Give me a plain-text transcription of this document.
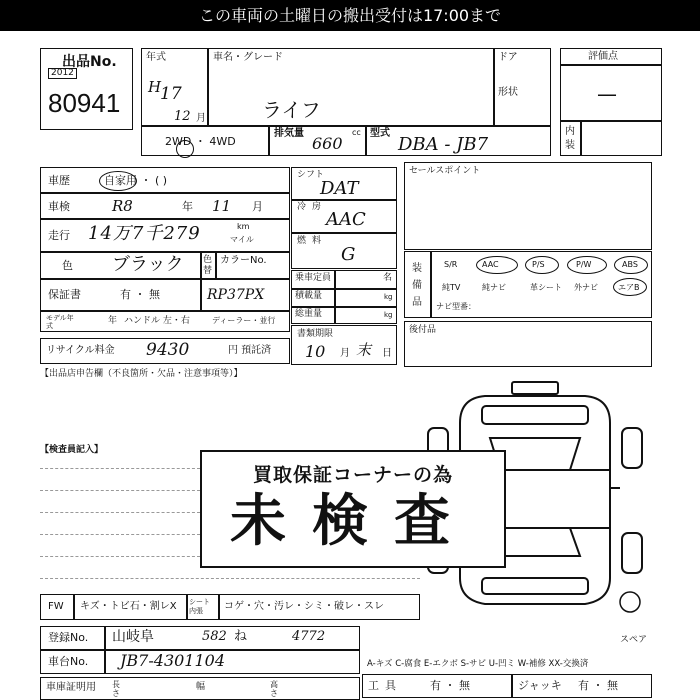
この車両の土曜日の搬出受付は17:00まで
出品No.
2012
80941
年式
H
17
12 月
車名・グレード
ライフ
ドア
形状
2WD ・ 4WD
排気量
660
cc 型式
DBA - JB7
評価点
—
内装
車歴	自家用 ・ ( )
車検	R8	年 11 月
走行 14万7千279	km
マイル
色 ブラック 色替
カラーNo.
保証書	有 ・ 無	RP37PX
モデル年式	年 ハンドル 左・右	ディーラー・並行
リサイクル料金 9430	円 預託済
シフト
DAT
冷房
AAC
燃料
G
乗車定員	名
積載量	kg
総重量	kg
書類期限
10 月 末 日
セールスポイント
装備品
S/R	AAC	P/S	P/W	ABS
純TV	純ナビ	革シート 外ナビ	エアB
ナビ型番：
後付品
【出品店申告欄（不良箇所・欠品・注意事項等）】
【検査員記入】
スペア
買取保証コーナーの為
未検査
FW キズ・トビ石・割レX シート内張	コゲ・穴・汚レ・シミ・破レ・スレ
登録No. 山岐阜	582 ね	4772
車台No. JB7-4301104
車庫証明用 長さ
幅	高さ
A-キズ C-腐食 E-エクボ S-サビ U-凹ミ W-補修 XX-交換済
工具	有 ・ 無	ジャッキ 有 ・ 無
